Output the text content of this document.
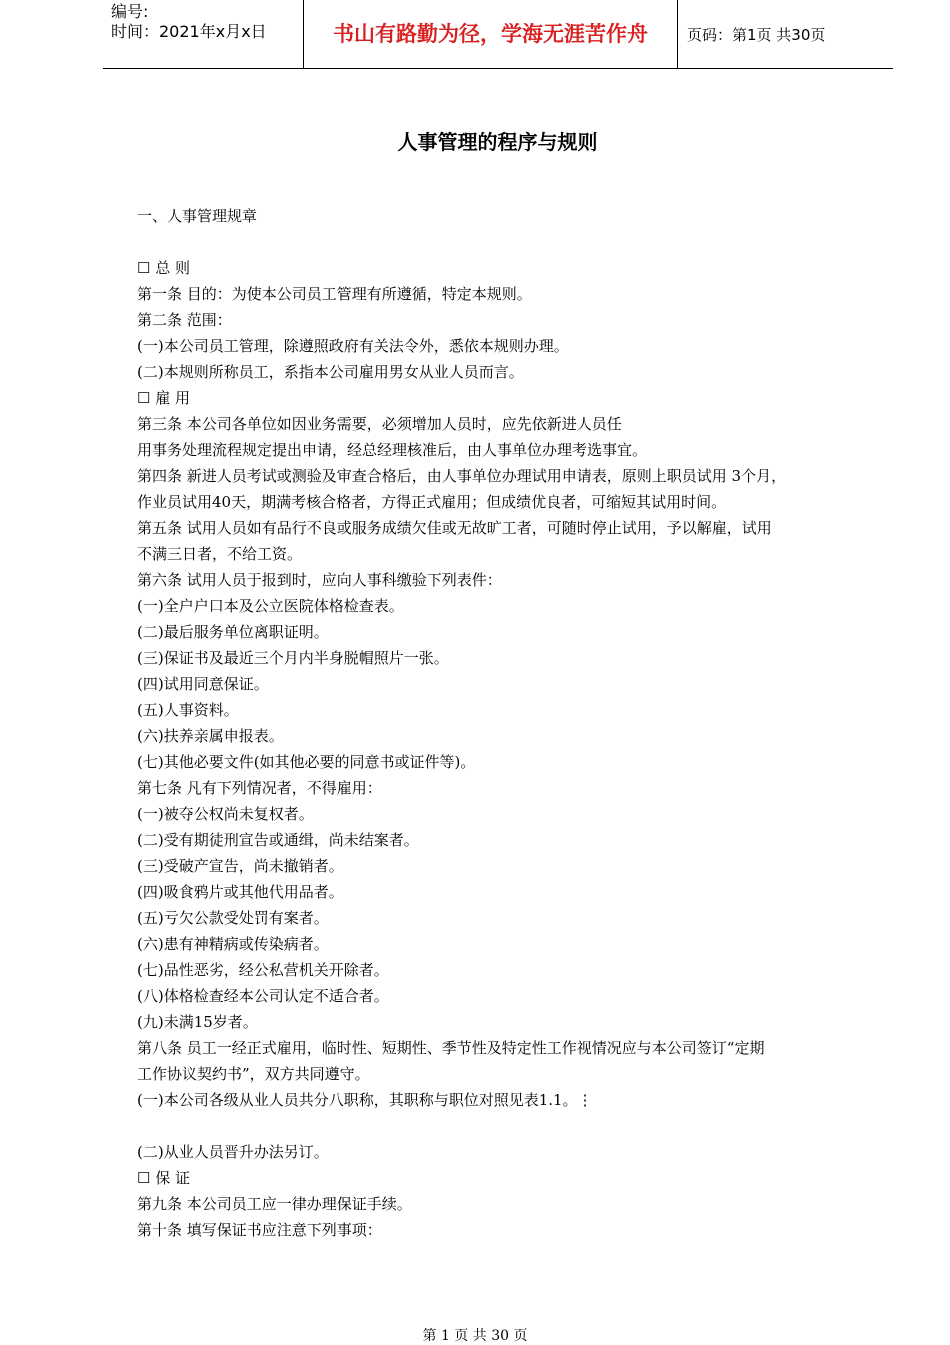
编号:
时间：2021年x月x日	书山有路勤为径，学海无涯苦作舟	页码：第1页 共30页
人事管理的程序与规则
一、人事管理规章
☐ 总 则
第一条 目的：为使本公司员工管理有所遵循，特定本规则。
第二条 范围：
(一)本公司员工管理，除遵照政府有关法令外，悉依本规则办理。
(二)本规则所称员工，系指本公司雇用男女从业人员而言。
☐ 雇 用
第三条 本公司各单位如因业务需要，必须增加人员时，应先依新进人员任
用事务处理流程规定提出申请，经总经理核准后，由人事单位办理考选事宜。
第四条 新进人员考试或测验及审查合格后，由人事单位办理试用申请表，原则上职员试用 3个月，
作业员试用40天，期满考核合格者，方得正式雇用；但成绩优良者，可缩短其试用时间。
第五条 试用人员如有品行不良或服务成绩欠佳或无故旷工者，可随时停止试用，予以解雇，试用
不满三日者，不给工资。
第六条 试用人员于报到时，应向人事科缴验下列表件：
(一)全户户口本及公立医院体格检查表。
(二)最后服务单位离职证明。
(三)保证书及最近三个月内半身脱帽照片一张。
(四)试用同意保证。
(五)人事资料。
(六)扶养亲属申报表。
(七)其他必要文件(如其他必要的同意书或证件等)。
第七条 凡有下列情况者，不得雇用：
(一)被夺公权尚未复权者。
(二)受有期徒刑宣告或通缉，尚未结案者。
(三)受破产宣告，尚未撤销者。
(四)吸食鸦片或其他代用品者。
(五)亏欠公款受处罚有案者。
(六)患有神精病或传染病者。
(七)品性恶劣，经公私营机关开除者。
(八)体格检查经本公司认定不适合者。
(九)未满15岁者。
第八条 员工一经正式雇用，临时性、短期性、季节性及特定性工作视情况应与本公司签订“定期
工作协议契约书”，双方共同遵守。
(一)本公司各级从业人员共分八职称，其职称与职位对照见表1.1。⋮
(二)从业人员晋升办法另订。
☐ 保 证
第九条 本公司员工应一律办理保证手续。
第十条 填写保证书应注意下列事项：
第 1 页 共 30 页
